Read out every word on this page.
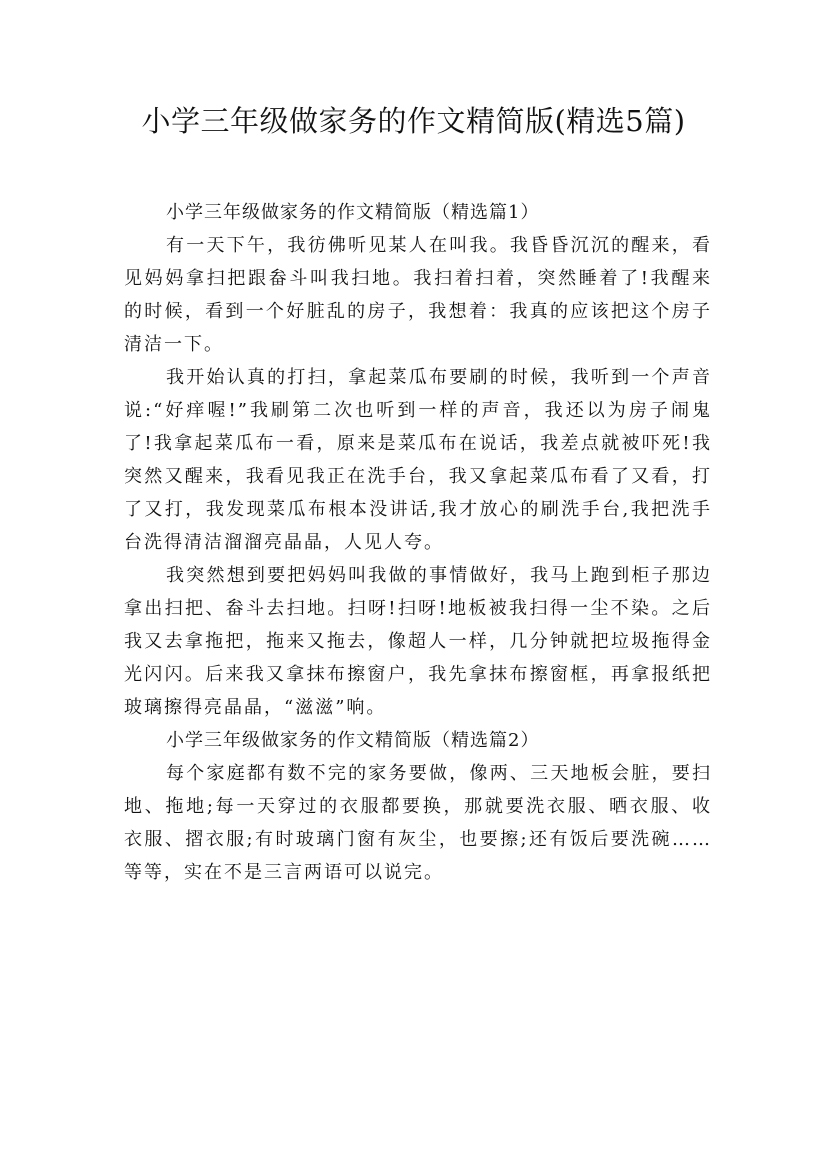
小学三年级做家务的作文精简版(精选5篇)

小学三年级做家务的作文精简版（精选篇1）

有一天下午，我彷佛听见某人在叫我。我昏昏沉沉的醒来，看见妈妈拿扫把跟畚斗叫我扫地。我扫着扫着，突然睡着了!我醒来的时候，看到一个好脏乱的房子，我想着：我真的应该把这个房子清洁一下。

我开始认真的打扫，拿起菜瓜布要刷的时候，我听到一个声音说:“好痒喔!”我刷第二次也听到一样的声音，我还以为房子闹鬼了!我拿起菜瓜布一看，原来是菜瓜布在说话，我差点就被吓死!我突然又醒来，我看见我正在洗手台，我又拿起菜瓜布看了又看，打了又打，我发现菜瓜布根本没讲话,我才放心的刷洗手台,我把洗手台洗得清洁溜溜亮晶晶，人见人夸。

我突然想到要把妈妈叫我做的事情做好，我马上跑到柜子那边拿出扫把、畚斗去扫地。扫呀!扫呀!地板被我扫得一尘不染。之后我又去拿拖把，拖来又拖去，像超人一样，几分钟就把垃圾拖得金光闪闪。后来我又拿抹布擦窗户，我先拿抹布擦窗框，再拿报纸把玻璃擦得亮晶晶，“滋滋”响。

小学三年级做家务的作文精简版（精选篇2）

每个家庭都有数不完的家务要做，像两、三天地板会脏，要扫地、拖地;每一天穿过的衣服都要换，那就要洗衣服、晒衣服、收衣服、摺衣服;有时玻璃门窗有灰尘，也要擦;还有饭后要洗碗……等等，实在不是三言两语可以说完。
